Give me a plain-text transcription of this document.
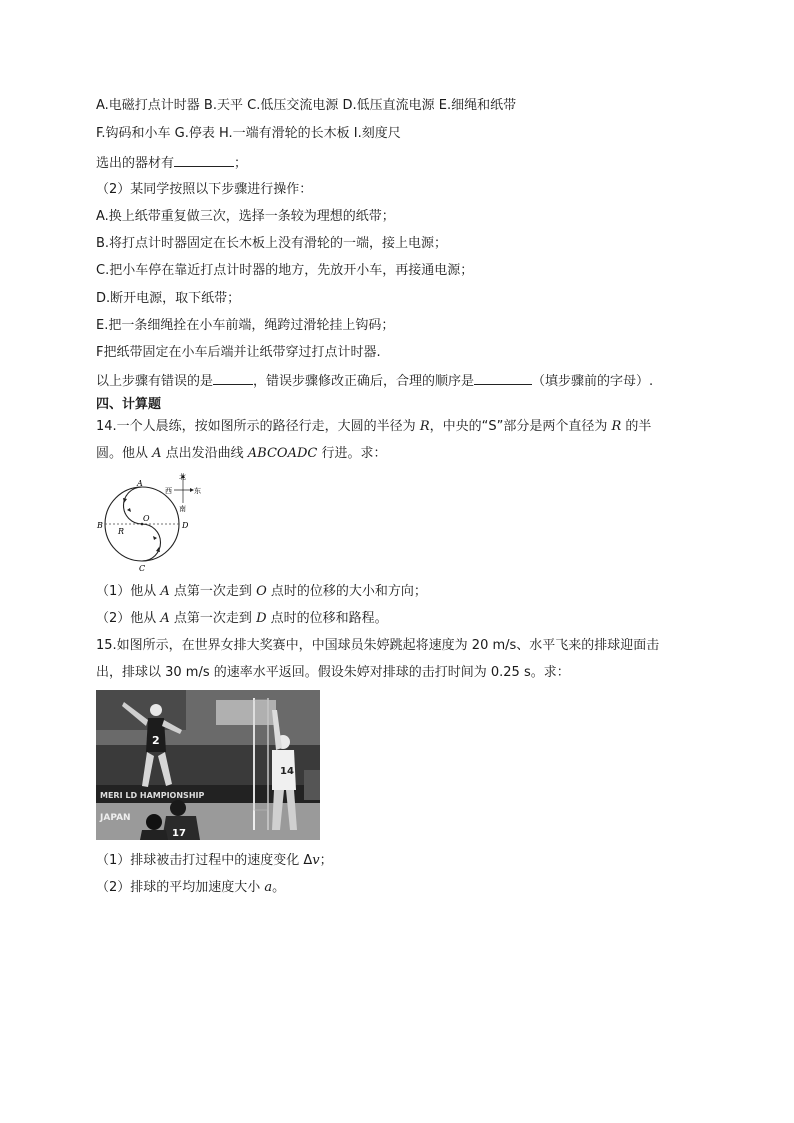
A.电磁打点计时器 B.天平 C.低压交流电源 D.低压直流电源 E.细绳和纸带
F.钩码和小车 G.停表 H.一端有滑轮的长木板 I.刻度尺
选出的器材有	；
（2）某同学按照以下步骤进行操作：
A.换上纸带重复做三次，选择一条较为理想的纸带；
B.将打点计时器固定在长木板上没有滑轮的一端，接上电源；
C.把小车停在靠近打点计时器的地方，先放开小车，再接通电源；
D.断开电源，取下纸带；
E.把一条细绳拴在小车前端，绳跨过滑轮挂上钩码；
F把纸带固定在小车后端并让纸带穿过打点计时器.
以上步骤有错误的是	，错误步骤修改正确后，合理的顺序是	（填步骤前的字母）.
四、计算题
14.一个人晨练，按如图所示的路径行走，大圆的半径为 R，中央的“S”部分是两个直径为 R 的半
圆。他从 A 点出发沿曲线 ABCOADC 行进。求：
A
B
C
D
O
R
北
南
西	东
（1）他从 A 点第一次走到 O 点时的位移的大小和方向；
（2）他从 A 点第一次走到 D 点时的位移和路程。
15.如图所示，在世界女排大奖赛中，中国球员朱婷跳起将速度为 20 m/s、水平飞来的排球迎面击
出，排球以 30 m/s 的速率水平返回。假设朱婷对排球的击打时间为 0.25 s。求：
MERI LD HAMPIONSHIP
JAPAN
2
14
17
（1）排球被击打过程中的速度变化 Δv；
（2）排球的平均加速度大小 a。
